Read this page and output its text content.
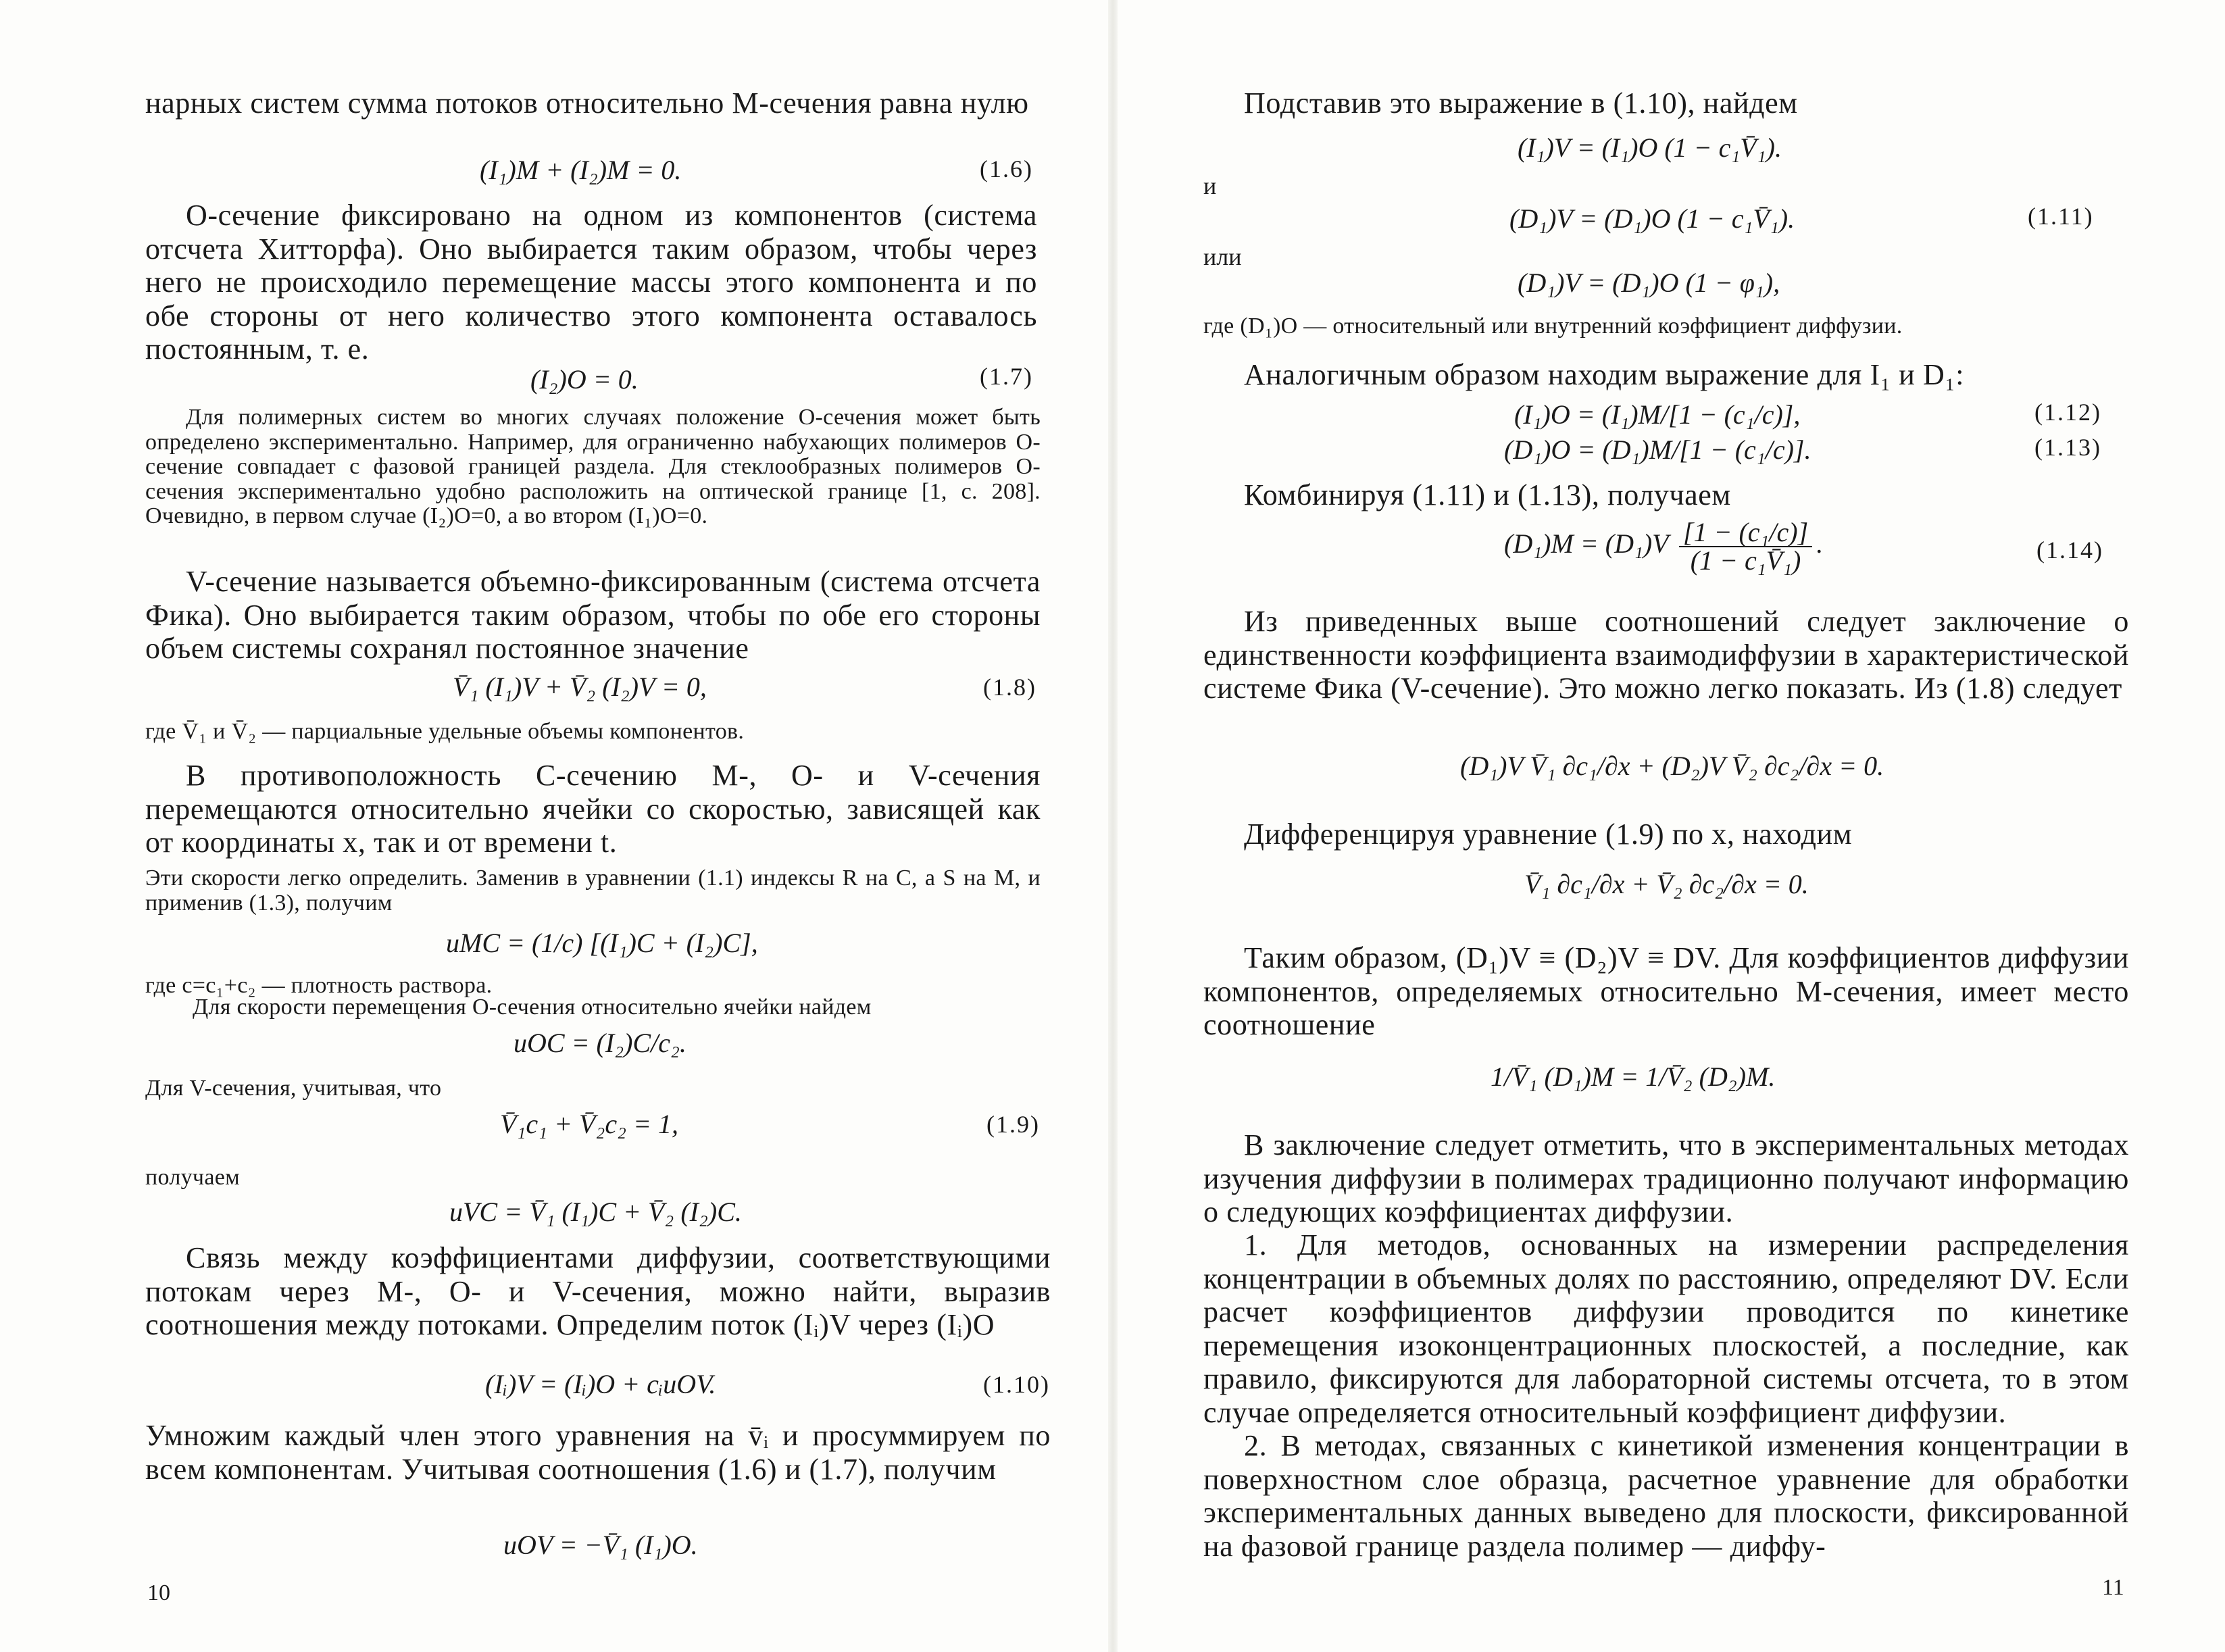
нарных систем сумма потоков относительно M-сечения равна нулю

(I₁)M + (I₂)M = 0.	(1.6)

O-сечение фиксировано на одном из компонентов (система отсчета Хитторфа). Оно выбирается таким образом, чтобы через него не происходило перемещение массы этого компонента и по обе стороны от него количество этого компонента оставалось постоянным, т. е.

(I₂)O = 0.	(1.7)

Для полимерных систем во многих случаях положение O-сечения может быть определено экспериментально. Например, для ограниченно набухающих полимеров O-сечение совпадает с фазовой границей раздела. Для стеклообразных полимеров O-сечения экспериментально удобно расположить на оптической границе [1, с. 208]. Очевидно, в первом случае (I₂)O=0, а во втором (I₁)O=0.

V-сечение называется объемно-фиксированным (система отсчета Фика). Оно выбирается таким образом, чтобы по обе его стороны объем системы сохранял постоянное значение

V̄₁ (I₁)V + V̄₂ (I₂)V = 0,	(1.8)

где V̄₁ и V̄₂ — парциальные удельные объемы компонентов.

В противоположность C-сечению M-, O- и V-сечения перемещаются относительно ячейки со скоростью, зависящей как от координаты x, так и от времени t.

Эти скорости легко определить. Заменив в уравнении (1.1) индексы R на C, а S на M, и применив (1.3), получим

uMC = (1/c) [(I₁)C + (I₂)C],

где c=c₁+c₂ — плотность раствора.

Для скорости перемещения O-сечения относительно ячейки найдем

uOC = (I₂)C/c₂.

Для V-сечения, учитывая, что

V̄₁c₁ + V̄₂c₂ = 1,	(1.9)

получаем

uVC = V̄₁ (I₁)C + V̄₂ (I₂)C.

Связь между коэффициентами диффузии, соответствующими потокам через M-, O- и V-сечения, можно найти, выразив соотношения между потоками. Определим поток (Iᵢ)V через (Iᵢ)O

(Iᵢ)V = (Iᵢ)O + cᵢuOV.	(1.10)

Умножим каждый член этого уравнения на v̄ᵢ и просуммируем по всем компонентам. Учитывая соотношения (1.6) и (1.7), получим

uOV = −V̄₁ (I₁)O.
10

Подставив это выражение в (1.10), найдем

(I₁)V = (I₁)O (1 − c₁V̄₁).
и
(D₁)V = (D₁)O (1 − c₁V̄₁).	(1.11)
или
(D₁)V = (D₁)O (1 − φ₁),

где (D₁)O — относительный или внутренний коэффициент диффузии.

Аналогичным образом находим выражение для I₁ и D₁:

(I₁)O = (I₁)M/[1 − (c₁/c)],	(1.12)
(D₁)O = (D₁)M/[1 − (c₁/c)].	(1.13)

Комбинируя (1.11) и (1.13), получаем

$(D_1)M = (D_1)V \frac{\text{[1 − (c₁/c)]}}{\text{(1 − c₁V̄₁)}}$ .	(1.14)

Из приведенных выше соотношений следует заключение о единственности коэффициента взаимодиффузии в характеристической системе Фика (V-сечение). Это можно легко показать. Из (1.8) следует

(D₁)V V̄₁ ∂c₁/∂x + (D₂)V V̄₂ ∂c₂/∂x = 0.

Дифференцируя уравнение (1.9) по x, находим

V̄₁ ∂c₁/∂x + V̄₂ ∂c₂/∂x = 0.

Таким образом, (D₁)V ≡ (D₂)V ≡ DV. Для коэффициентов диффузии компонентов, определяемых относительно M-сечения, имеет место соотношение

1/V̄₁ (D₁)M = 1/V̄₂ (D₂)M.

В заключение следует отметить, что в экспериментальных методах изучения диффузии в полимерах традиционно получают информацию о следующих коэффициентах диффузии.

1. Для методов, основанных на измерении распределения концентрации в объемных долях по расстоянию, определяют DV. Если расчет коэффициентов диффузии проводится по кинетике перемещения изоконцентрационных плоскостей, а последние, как правило, фиксируются для лабораторной системы отсчета, то в этом случае определяется относительный коэффициент диффузии.

2. В методах, связанных с кинетикой изменения концентрации в поверхностном слое образца, расчетное уравнение для обработки экспериментальных данных выведено для плоскости, фиксированной на фазовой границе раздела полимер — диффу-

11
